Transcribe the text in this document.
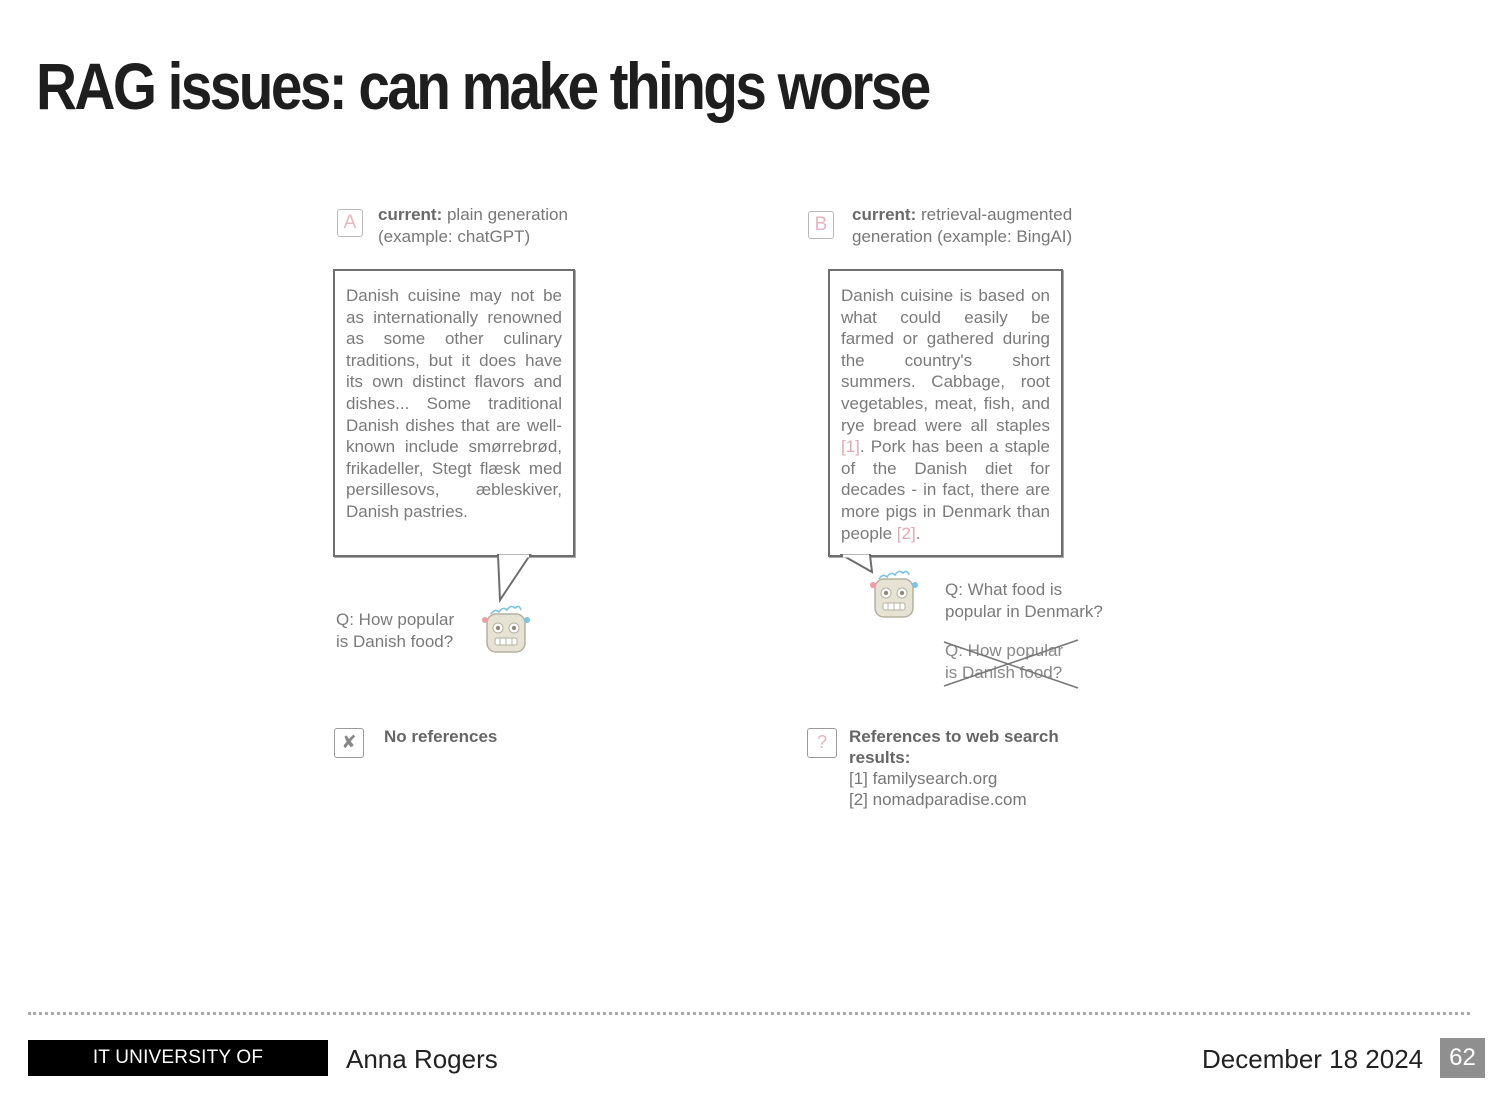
RAG issues: can make things worse
A	current: plain generation
(example: chatGPT)
Danish cuisine may not be as internationally renowned as some other culinary traditions, but it does have its own distinct flavors and dishes... Some traditional Danish dishes that are well-known include smørrebrød, frikadeller, Stegt flæsk med persillesovs, æbleskiver, Danish pastries.
Q: How popular
is Danish food?
✘	No references
B	current: retrieval-augmented
generation (example: BingAI)
Danish cuisine is based on what could easily be farmed or gathered during the country's short summers. Cabbage, root vegetables, meat, fish, and rye bread were all staples [1]. Pork has been a staple of the Danish diet for decades - in fact, there are more pigs in Denmark than people [2].
Q: What food is
popular in Denmark?
Q: How popular
is Danish food?
?	References to web search
results:
[1] familysearch.org
[2] nomadparadise.com
IT UNIVERSITY OF COPENHAGEN
Anna Rogers	December 18 2024	62
